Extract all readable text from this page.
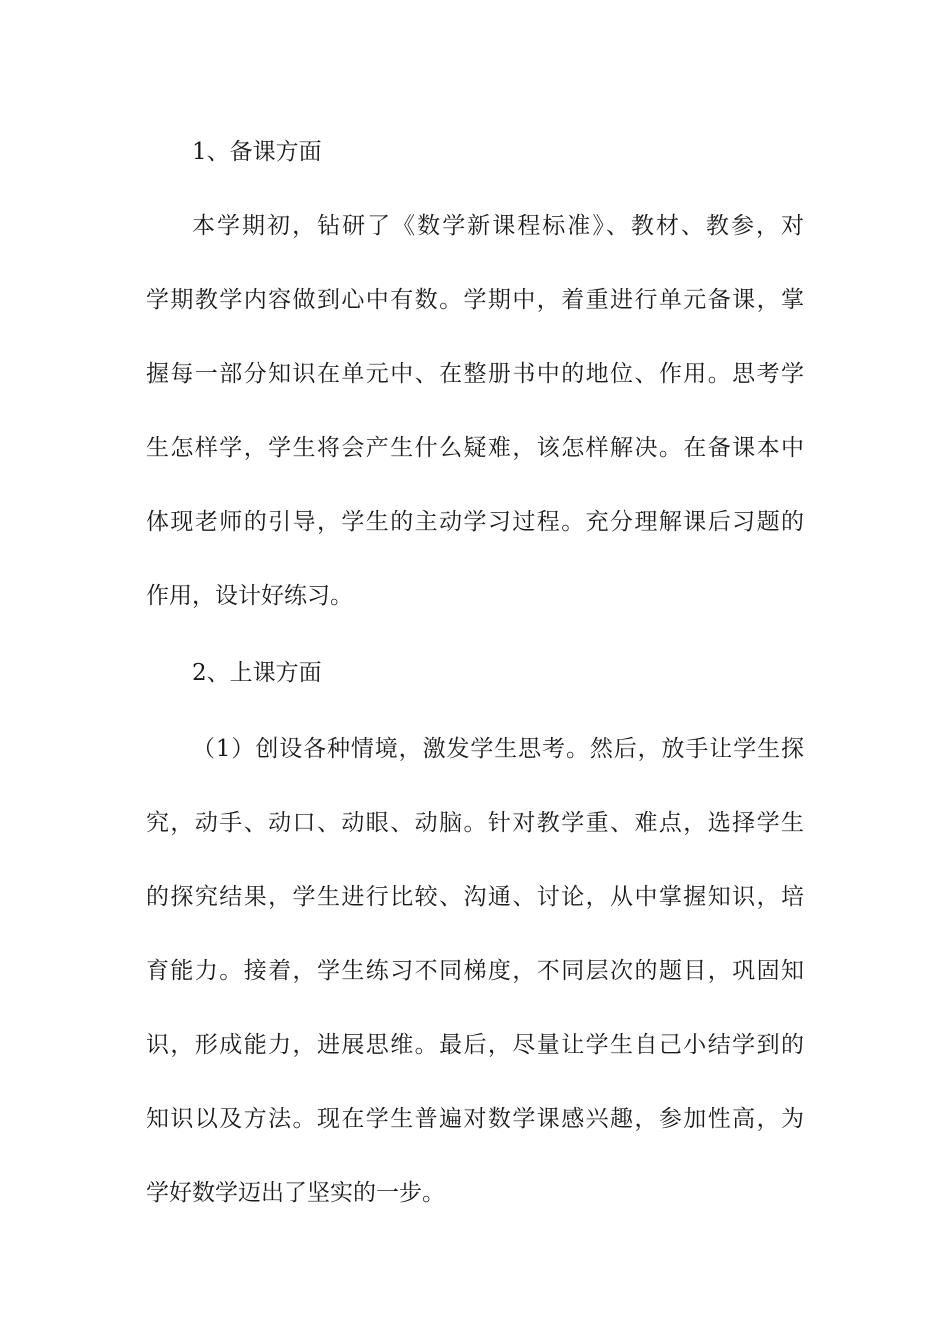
1、备课方面
本学期初，钻研了《数学新课程标准》、教材、教参，对
学期教学内容做到心中有数。学期中，着重进行单元备课，掌
握每一部分知识在单元中、在整册书中的地位、作用。思考学
生怎样学，学生将会产生什么疑难，该怎样解决。在备课本中
体现老师的引导，学生的主动学习过程。充分理解课后习题的
作用，设计好练习。
2、上课方面
（1）创设各种情境，激发学生思考。然后，放手让学生探
究，动手、动口、动眼、动脑。针对教学重、难点，选择学生
的探究结果，学生进行比较、沟通、讨论，从中掌握知识，培
育能力。接着，学生练习不同梯度，不同层次的题目，巩固知
识，形成能力，进展思维。最后，尽量让学生自己小结学到的
知识以及方法。现在学生普遍对数学课感兴趣，参加性高，为
学好数学迈出了坚实的一步。
